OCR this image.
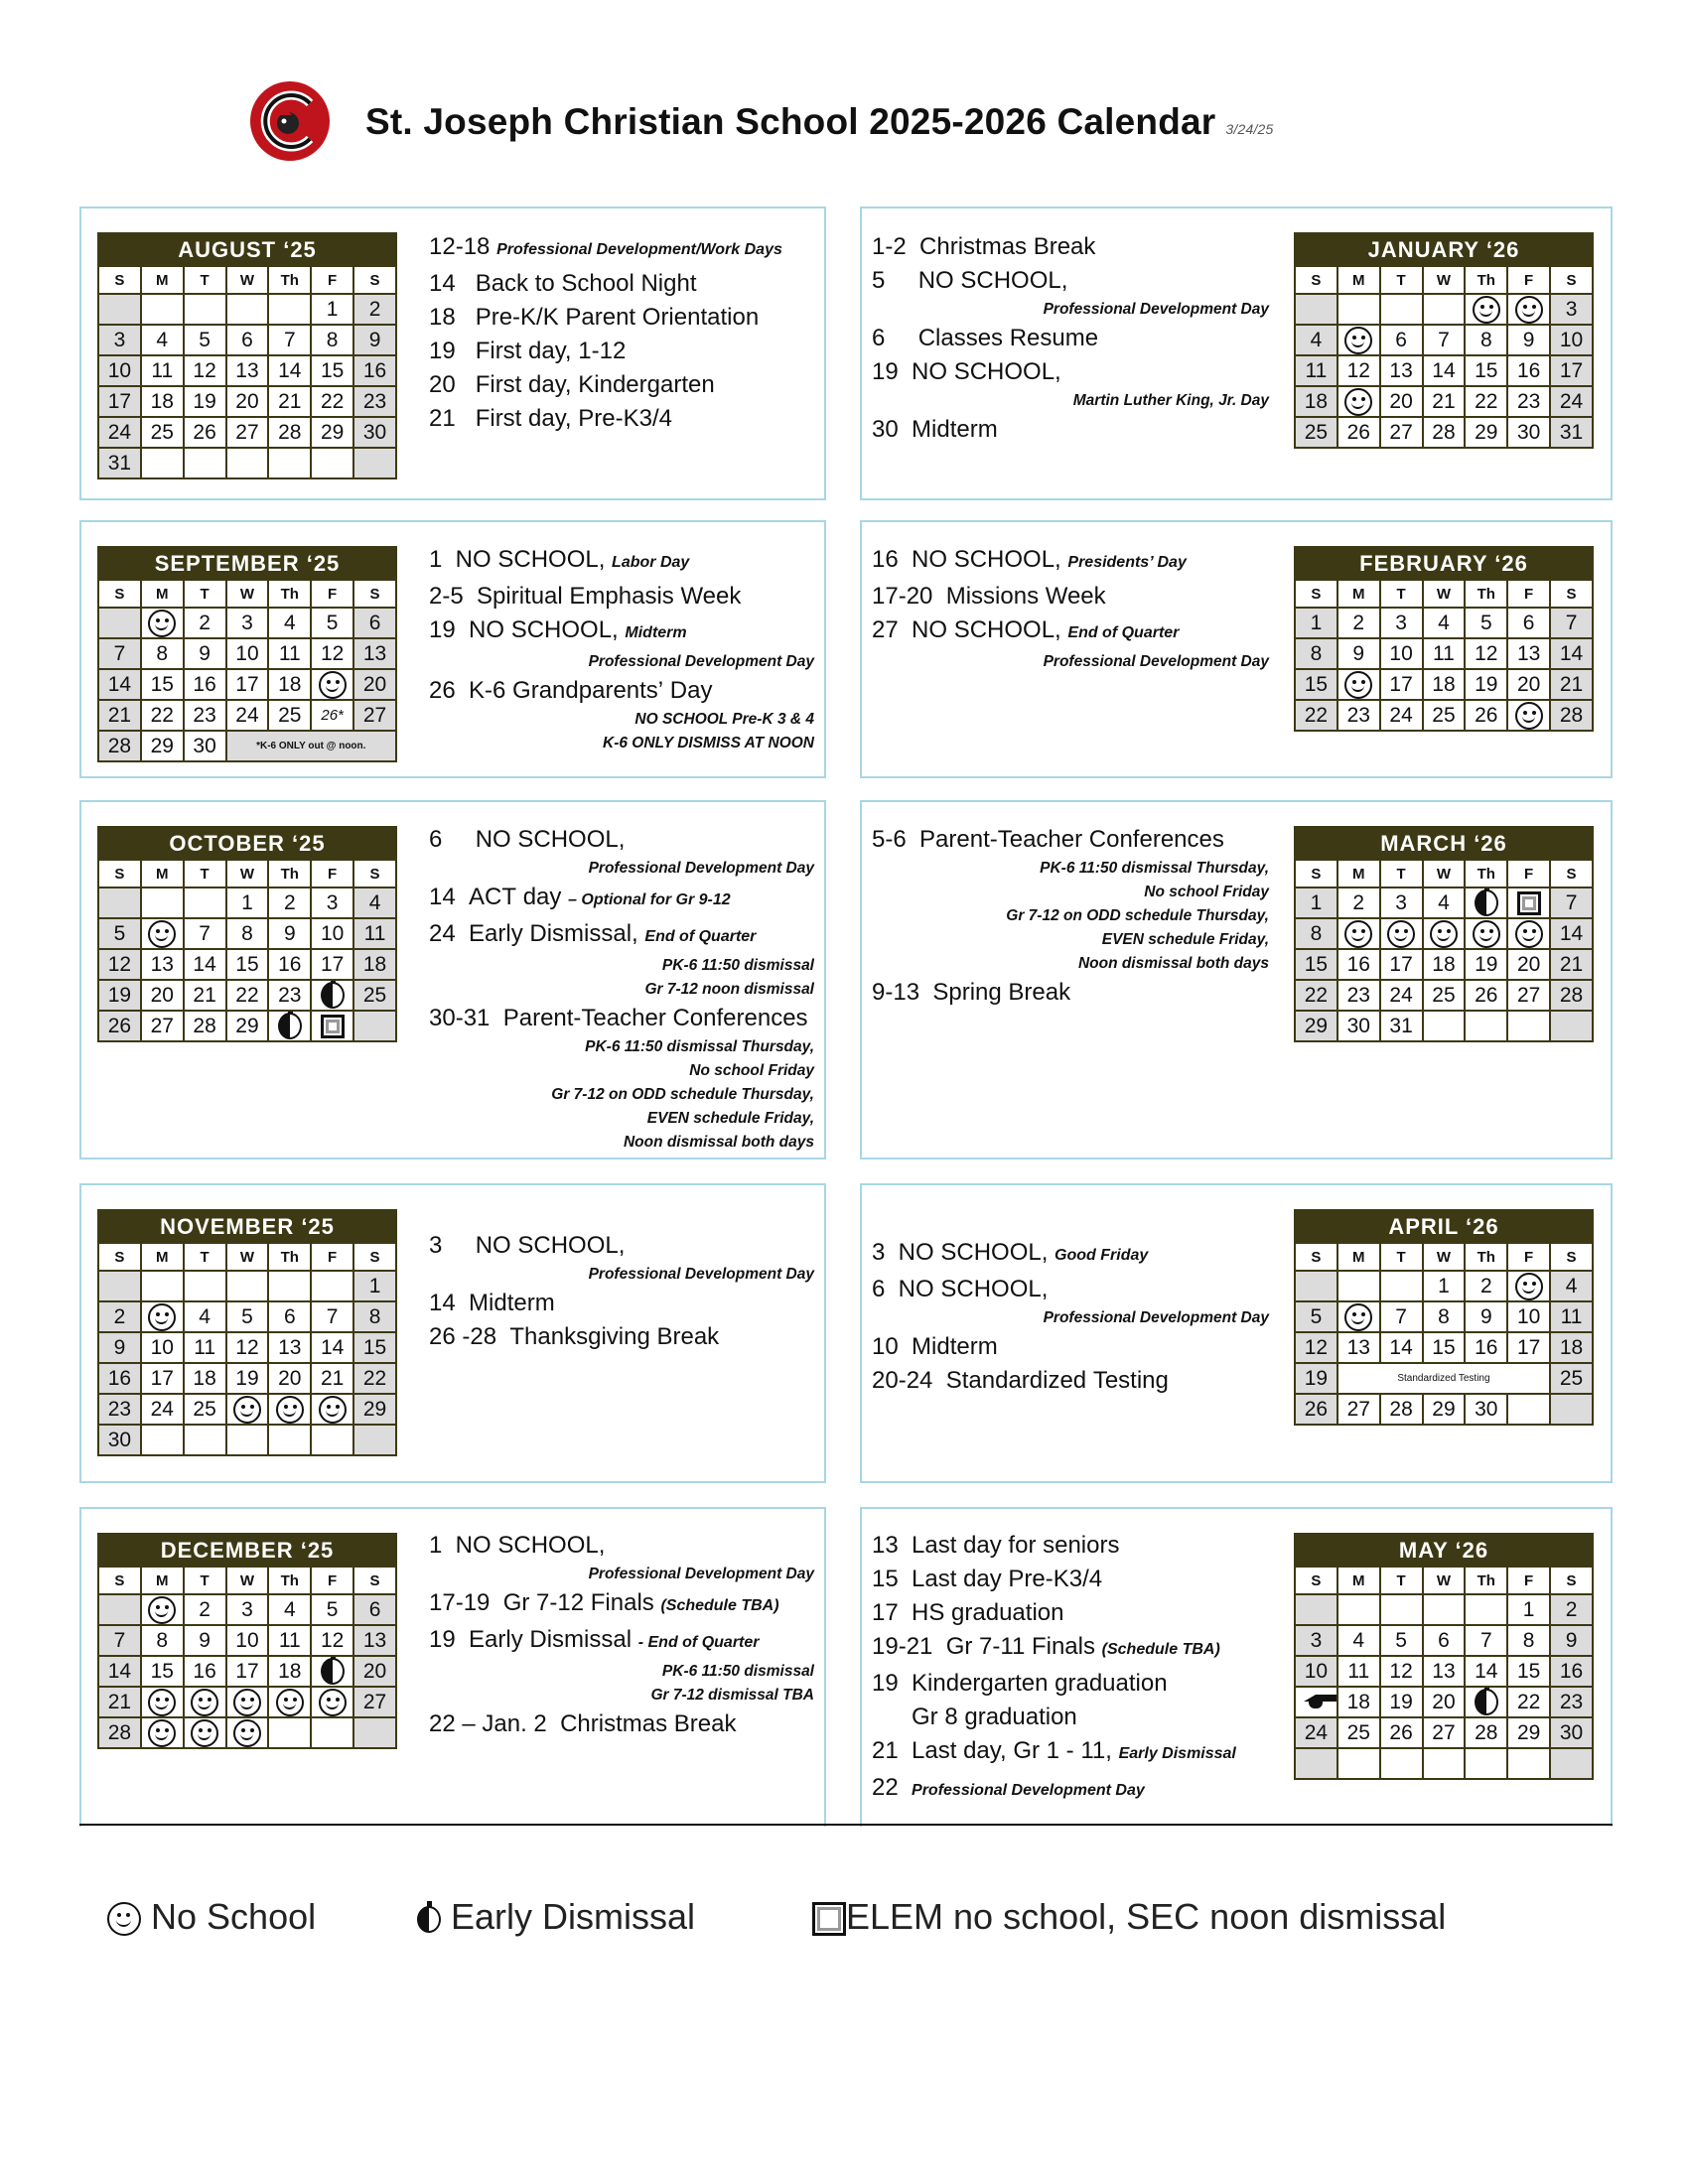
St. Joseph Christian School 2025-2026 Calendar 3/24/25
AUGUST ‘25						
S	M	T	W	Th	F	S
					1	2
3	4	5	6	7	8	9
10	11	12	13	14	15	16
17	18	19	20	21	22	23
24	25	26	27	28	29	30
31						
JANUARY ‘26						
S	M	T	W	Th	F	S
						3
4		6	7	8	9	10
11	12	13	14	15	16	17
18		20	21	22	23	24
25	26	27	28	29	30	31
SEPTEMBER ‘25						
S	M	T	W	Th	F	S
		2	3	4	5	6
7	8	9	10	11	12	13
14	15	16	17	18		20
21	22	23	24	25	26*	27
28	29	30	*K-6 ONLY out @ noon.			
FEBRUARY ‘26						
S	M	T	W	Th	F	S
1	2	3	4	5	6	7
8	9	10	11	12	13	14
15		17	18	19	20	21
22	23	24	25	26		28
OCTOBER ‘25						
S	M	T	W	Th	F	S
			1	2	3	4
5		7	8	9	10	11
12	13	14	15	16	17	18
19	20	21	22	23		25
26	27	28	29			
MARCH ‘26						
S	M	T	W	Th	F	S
1	2	3	4			7
8						14
15	16	17	18	19	20	21
22	23	24	25	26	27	28
29	30	31				
NOVEMBER ‘25						
S	M	T	W	Th	F	S
						1
2		4	5	6	7	8
9	10	11	12	13	14	15
16	17	18	19	20	21	22
23	24	25				29
30						
APRIL ‘26						
S	M	T	W	Th	F	S
			1	2		4
5		7	8	9	10	11
12	13	14	15	16	17	18
19	Standardized Testing					25
26	27	28	29	30		
DECEMBER ‘25						
S	M	T	W	Th	F	S
		2	3	4	5	6
7	8	9	10	11	12	13
14	15	16	17	18		20
21						27
28						
MAY ‘26						
S	M	T	W	Th	F	S
					1	2
3	4	5	6	7	8	9
10	11	12	13	14	15	16
	18	19	20		22	23
24	25	26	27	28	29	30

12-18 Professional Development/Work Days
14   Back to School Night
18   Pre-K/K Parent Orientation
19   First day, 1-12
20   First day, Kindergarten
21   First day, Pre-K3/4
1-2  Christmas Break
5     NO SCHOOL,
Professional Development Day
6     Classes Resume
19  NO SCHOOL,
Martin Luther King, Jr. Day
30  Midterm
1  NO SCHOOL, Labor Day
2-5  Spiritual Emphasis Week
19  NO SCHOOL, Midterm
Professional Development Day
26  K-6 Grandparents’ Day
NO SCHOOL Pre-K 3 & 4
K-6 ONLY DISMISS AT NOON
16  NO SCHOOL, Presidents’ Day
17-20  Missions Week
27  NO SCHOOL, End of Quarter
Professional Development Day
6     NO SCHOOL,
Professional Development Day
14  ACT day – Optional for Gr 9-12
24  Early Dismissal, End of Quarter
PK-6 11:50 dismissal
Gr 7-12 noon dismissal
30-31  Parent-Teacher Conferences
PK-6 11:50 dismissal Thursday,
No school Friday
Gr 7-12 on ODD schedule Thursday,
EVEN schedule Friday,
Noon dismissal both days
5-6  Parent-Teacher Conferences
PK-6 11:50 dismissal Thursday,
No school Friday
Gr 7-12 on ODD schedule Thursday,
EVEN schedule Friday,
Noon dismissal both days
9-13  Spring Break
3     NO SCHOOL,
Professional Development Day
14  Midterm
26 -28  Thanksgiving Break
3  NO SCHOOL, Good Friday
6  NO SCHOOL,
Professional Development Day
10  Midterm
20-24  Standardized Testing
1  NO SCHOOL,
Professional Development Day
17-19  Gr 7-12 Finals (Schedule TBA)
19  Early Dismissal - End of Quarter
PK-6 11:50 dismissal
Gr 7-12 dismissal TBA
22 – Jan. 2  Christmas Break
13  Last day for seniors
15  Last day Pre-K3/4
17  HS graduation
19-21  Gr 7-11 Finals (Schedule TBA)
19  Kindergarten graduation
Gr 8 graduation
21  Last day, Gr 1 - 11, Early Dismissal
22  Professional Development Day
No School	Early Dismissal	ELEM no school, SEC noon dismissal
